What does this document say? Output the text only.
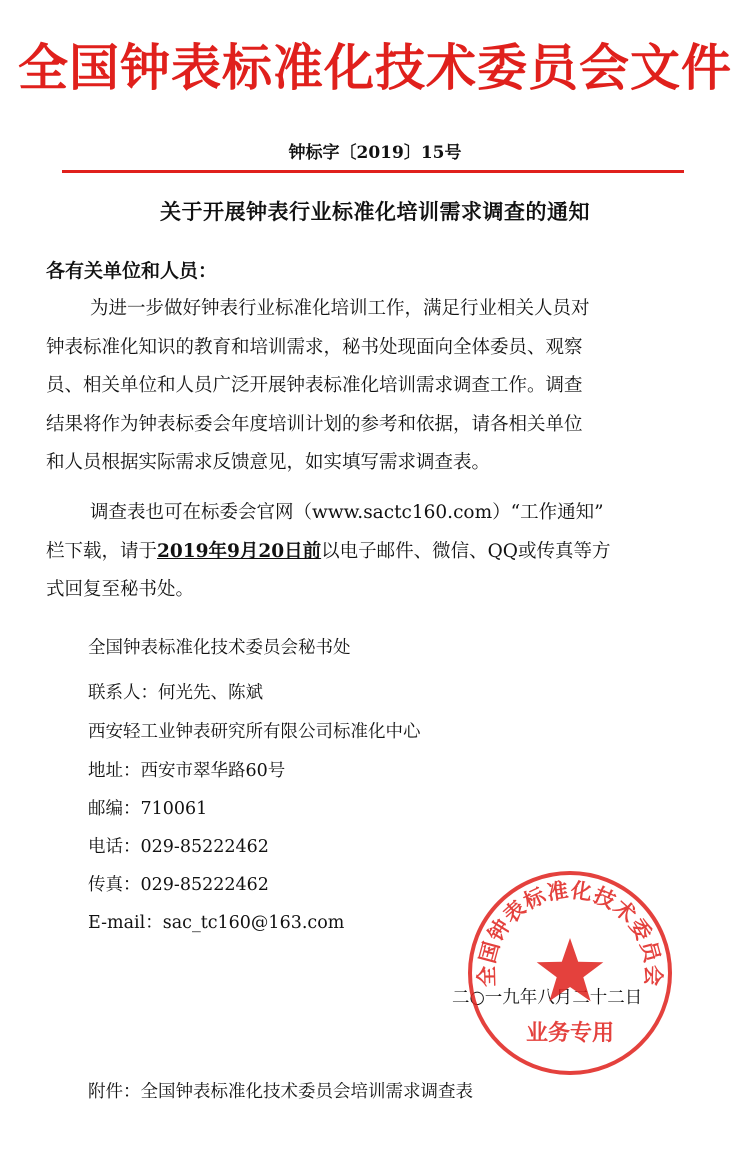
全国钟表标准化技术委员会文件
钟标字〔2019〕15号
关于开展钟表行业标准化培训需求调查的通知
各有关单位和人员：
为进一步做好钟表行业标准化培训工作，满足行业相关人员对
钟表标准化知识的教育和培训需求，秘书处现面向全体委员、观察
员、相关单位和人员广泛开展钟表标准化培训需求调查工作。调查
结果将作为钟表标委会年度培训计划的参考和依据，请各相关单位
和人员根据实际需求反馈意见，如实填写需求调查表。
调查表也可在标委会官网（www.sactc160.com）“工作通知”
栏下载，请于2019年9月20日前以电子邮件、微信、QQ或传真等方
式回复至秘书处。
全国钟表标准化技术委员会秘书处
联系人：何光先、陈斌
西安轻工业钟表研究所有限公司标准化中心
地址：西安市翠华路60号
邮编：710061
电话：029-85222462
传真：029-85222462
E-mail：sac_tc160@163.com
二○一九年八月二十二日
全国钟表标准化技术委员会
业务专用
附件：全国钟表标准化技术委员会培训需求调查表
